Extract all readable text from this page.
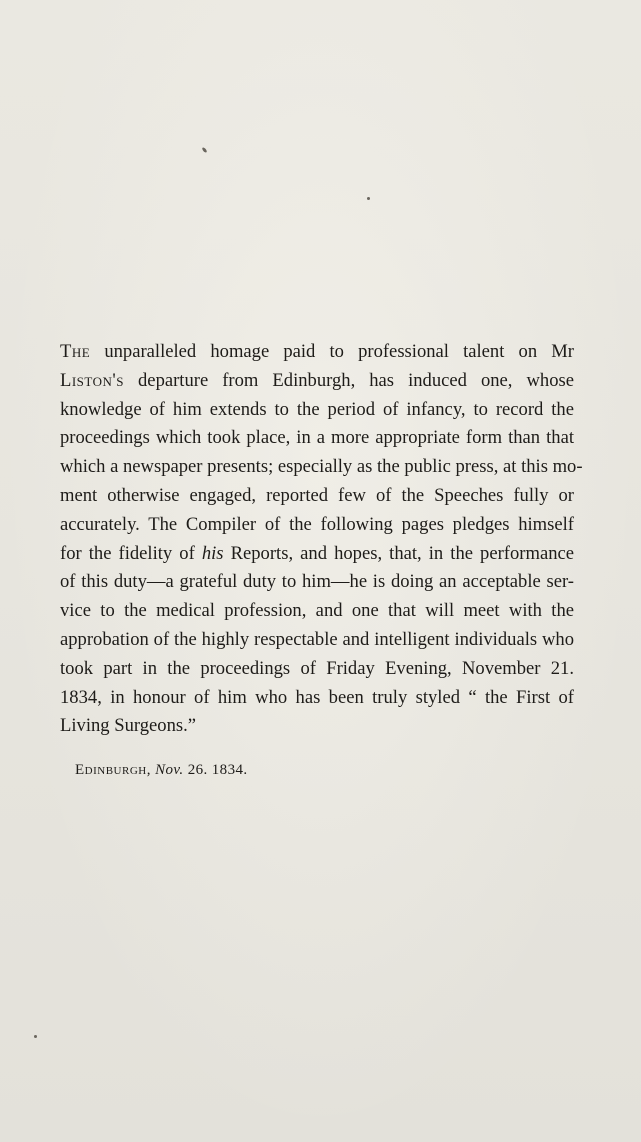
The unparalleled homage paid to professional talent on Mr
Liston's departure from Edinburgh, has induced one, whose
knowledge of him extends to the period of infancy, to record the
proceedings which took place, in a more appropriate form than that
which a newspaper presents; especially as the public press, at this mo-
ment otherwise engaged, reported few of the Speeches fully or
accurately. The Compiler of the following pages pledges himself
for the fidelity of his Reports, and hopes, that, in the performance
of this duty—a grateful duty to him—he is doing an acceptable ser-
vice to the medical profession, and one that will meet with the
approbation of the highly respectable and intelligent individuals who
took part in the proceedings of Friday Evening, November 21.
1834, in honour of him who has been truly styled “ the First of
Living Surgeons.”
Edinburgh, Nov. 26. 1834.
